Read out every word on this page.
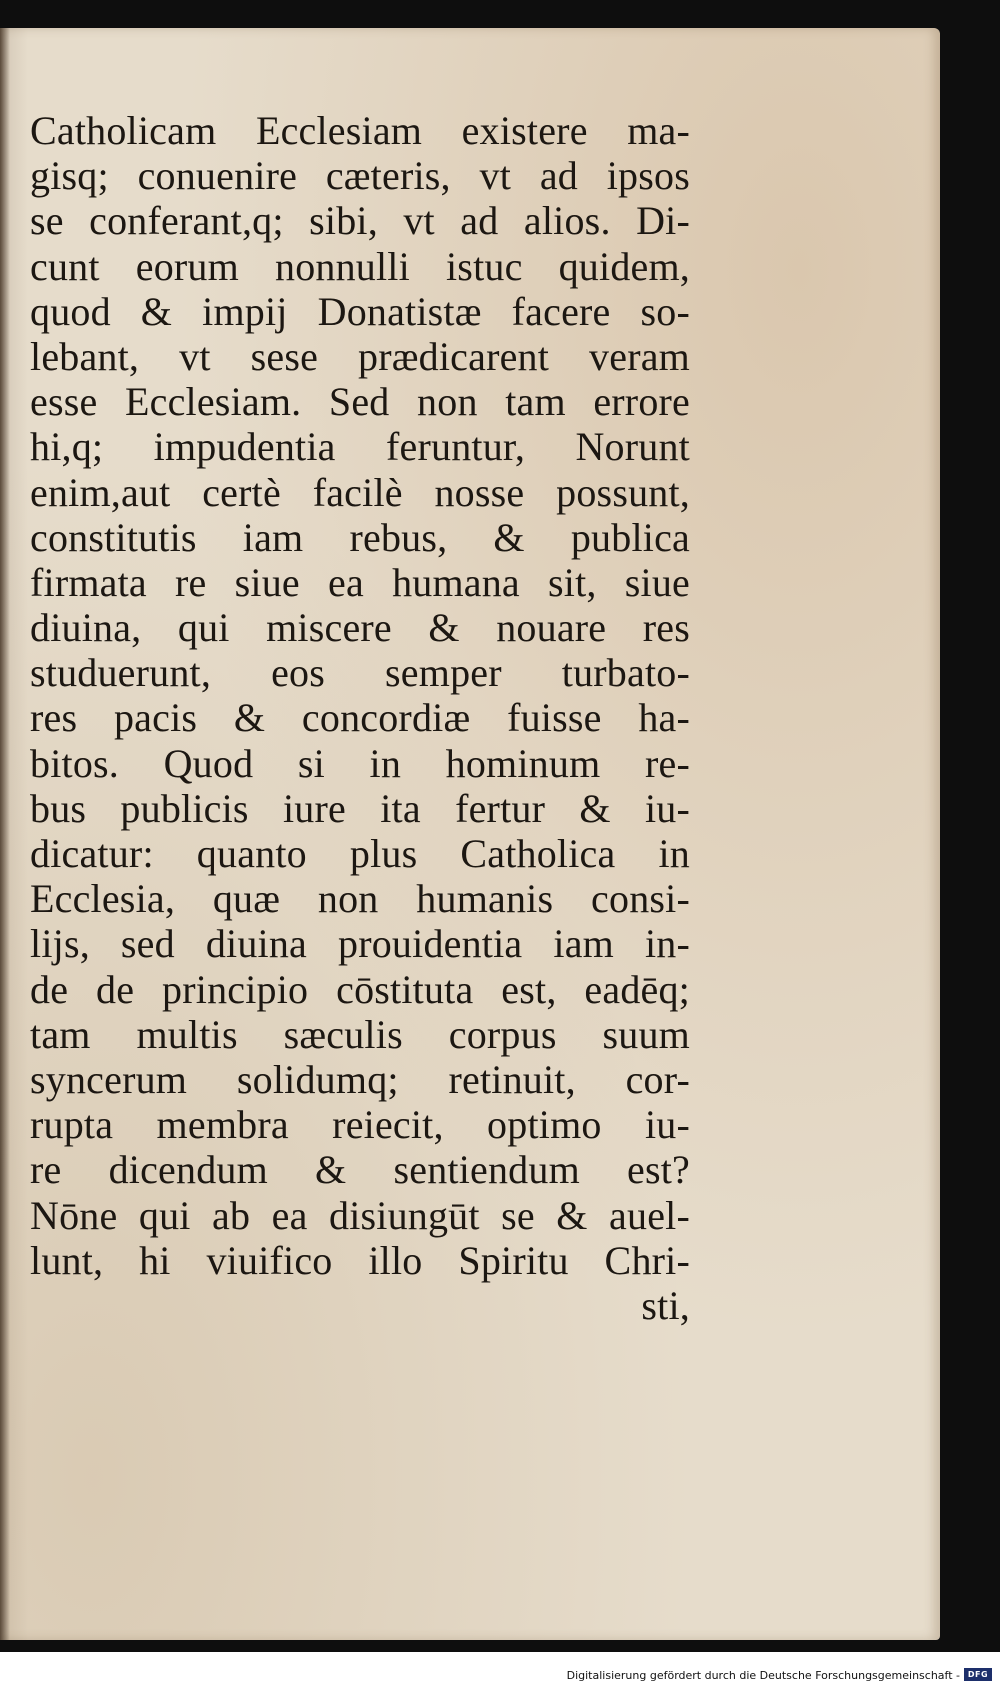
Catholicam Ecclesiam existere ma-
gisq; conuenire cæteris, vt ad ipsos
se conferant,q; sibi, vt ad alios. Di-
cunt eorum nonnulli istuc quidem,
quod & impij Donatistæ facere so-
lebant, vt sese prædicarent veram
esse Ecclesiam. Sed non tam errore
hi,q; impudentia feruntur, Norunt
enim,aut certè facilè nosse possunt,
constitutis iam rebus, & publica
firmata re siue ea humana sit, siue
diuina, qui miscere & nouare res
studuerunt, eos semper turbato-
res pacis & concordiæ fuisse ha-
bitos. Quod si in hominum re-
bus publicis iure ita fertur & iu-
dicatur: quanto plus Catholica in
Ecclesia, quæ non humanis consi-
lijs, sed diuina prouidentia iam in-
de de principio cōstituta est, eadēq;
tam multis sæculis corpus suum
syncerum solidumq; retinuit, cor-
rupta membra reiecit, optimo iu-
re dicendum & sentiendum est?
Nōne qui ab ea disiungūt se & auel-
lunt, hi viuifico illo Spiritu Chri-
sti,
Digitalisierung gefördert durch die Deutsche Forschungsgemeinschaft - DFG
